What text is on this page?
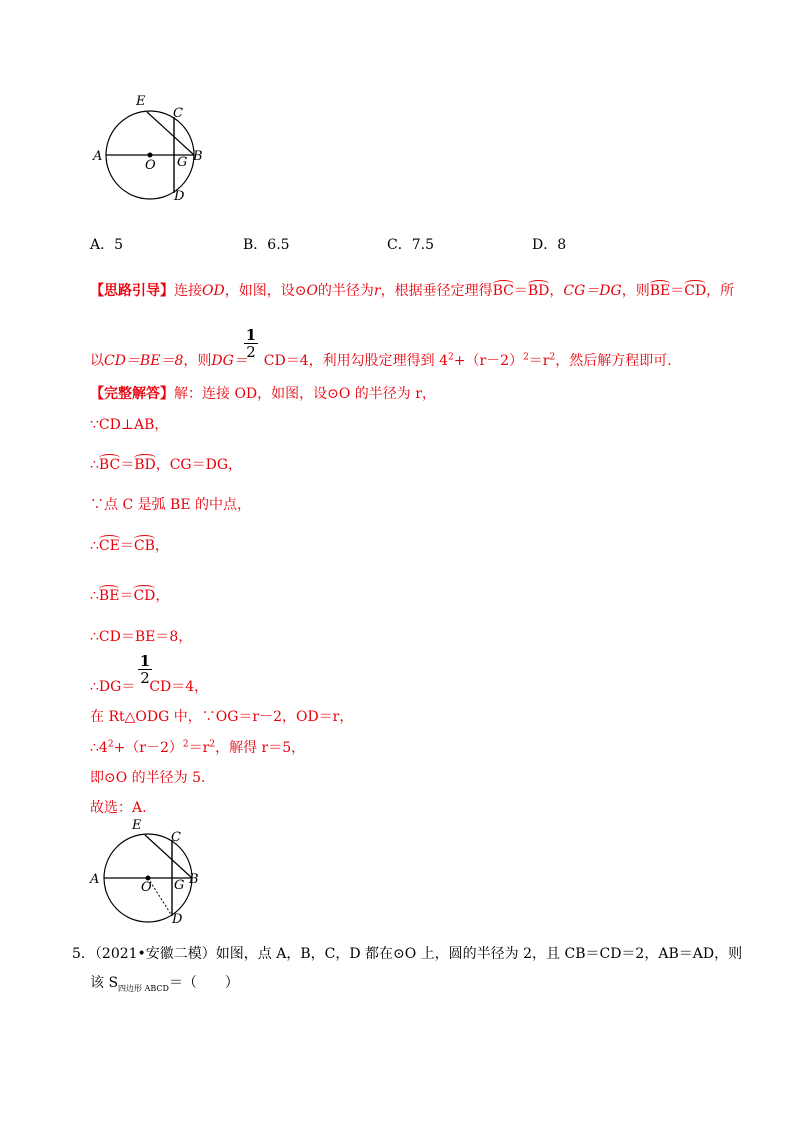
E
C
A
O G B
D
A．5	B．6.5	C．7.5	D．8
【思路引导】连接OD，如图，设⊙O的半径为r，根据垂径定理得BC＝BD，CG＝DG，则BE＝CD，所
1
2
以CD＝BE＝8，则DG＝ CD＝4，利用勾股定理得到 $4^2+(r-2)^2=r^2$，然后解方程即可.
【完整解答】解：连接 OD，如图，设⊙O 的半径为 r，
∵CD⊥AB，
∴BC＝BD，CG＝DG，
∵点 C 是弧 BE 的中点，
∴CE＝CB，
∴BE＝CD，
∴CD＝BE＝8，
1
2
∴DG＝ CD＝4，
在 Rt△ODG 中，∵OG＝r－2，OD＝r，
$\therefore 4^2+(r-2)^2=r^2$，解得 r＝5，
即⊙O 的半径为 5.
故选：A.
E
C
A
O G B
D
5．（2021•安徽二模）如图，点 A，B，C，D 都在⊙O 上，圆的半径为 2，且 CB＝CD＝2，AB＝AD，则
该 $S_{四边形 ABCD}=$（　　）
